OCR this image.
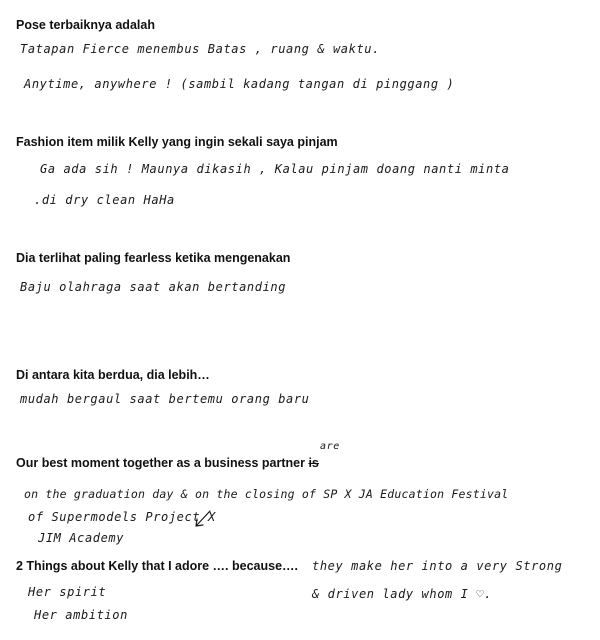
Pose terbaiknya adalah
Tatapan Fierce menembus Batas , ruang & waktu.
Anytime, anywhere ! (sambil kadang tangan di pinggang )
Fashion item milik Kelly yang ingin sekali saya pinjam
Ga ada sih ! Maunya dikasih , Kalau pinjam doang nanti minta
.di dry clean HaHa
Dia terlihat paling fearless ketika mengenakan
Baju olahraga saat akan bertanding
Di antara kita berdua, dia lebih…
mudah bergaul saat bertemu orang baru
are
Our best moment together as a business partner is
on the graduation day & on the closing of SP X JA Education Festival
of Supermodels Project X
JIM Academy
2 Things about Kelly that I adore …. because…. they make her into a very Strong
& driven lady whom I ♡.
Her spirit
Her ambition
